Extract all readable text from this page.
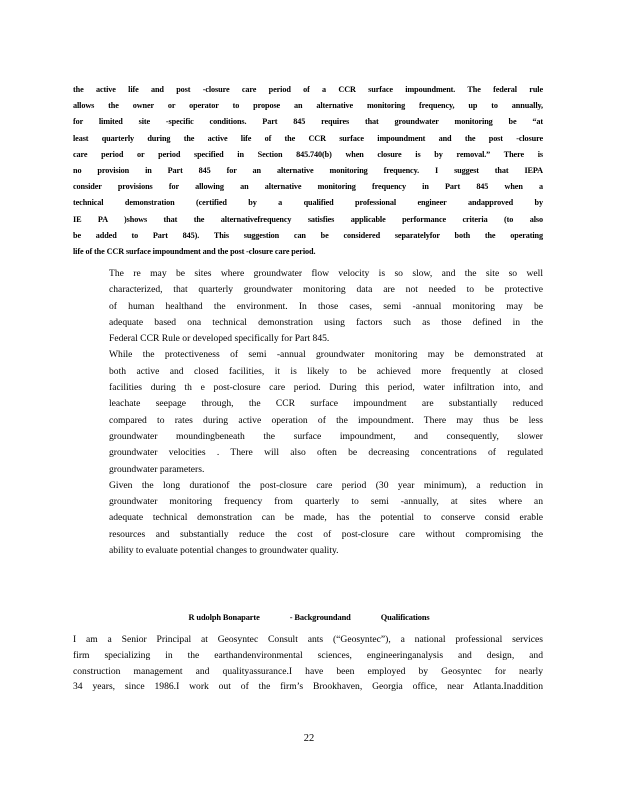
the active life and post -closure care period of a CCR surface impoundment. The federal rule
allows the owner or operator to propose an alternative monitoring frequency, up to annually,
for limited site -specific conditions. Part 845 requires that groundwater monitoring be “at
least quarterly during the active life of the CCR surface impoundment and the post -closure
care period or period specified in Section 845.740(b) when closure is by removal.” There is
no provision in Part 845 for an alternative monitoring frequency. I suggest that IEPA
consider provisions for allowing an alternative monitoring frequency in Part 845 when a
technical demonstration (certified by a qualified professional engineer andapproved by
IE PA )shows that the alternativefrequency satisfies applicable performance criteria (to also
be added to Part 845). This suggestion can be considered separatelyfor both the operating
life of the CCR surface impoundment and the post -closure care period.
The re may be sites where groundwater flow velocity is so slow, and the site so well
characterized, that quarterly groundwater monitoring data are not needed to be protective
of human healthand the environment. In those cases, semi -annual monitoring may be
adequate based ona technical demonstration using factors such as those defined in the
Federal CCR Rule or developed specifically for Part 845.
While the protectiveness of semi -annual groundwater monitoring may be demonstrated at
both active and closed facilities, it is likely to be achieved more frequently at closed
facilities during th e post-closure care period. During this period, water infiltration into, and
leachate seepage through, the CCR surface impoundment are substantially reduced
compared to rates during active operation of the impoundment. There may thus be less
groundwater moundingbeneath the surface impoundment, and consequently, slower
groundwater velocities . There will also often be decreasing concentrations of regulated
groundwater parameters.
Given the long durationof the post-closure care period (30 year minimum), a reduction in
groundwater monitoring frequency from quarterly to semi -annually, at sites where an
adequate technical demonstration can be made, has the potential to conserve consid erable
resources and substantially reduce the cost of post-closure care without compromising the
ability to evaluate potential changes to groundwater quality.
R udolph Bonaparte	- Backgroundand	Qualifications
I am a Senior Principal at Geosyntec Consult ants (“Geosyntec”), a national professional services
firm specializing in the earthandenvironmental sciences, engineeringanalysis and design, and
construction management and qualityassurance.I have been employed by Geosyntec for nearly
34 years, since 1986.I work out of the firm’s Brookhaven, Georgia office, near Atlanta.Inaddition
22
